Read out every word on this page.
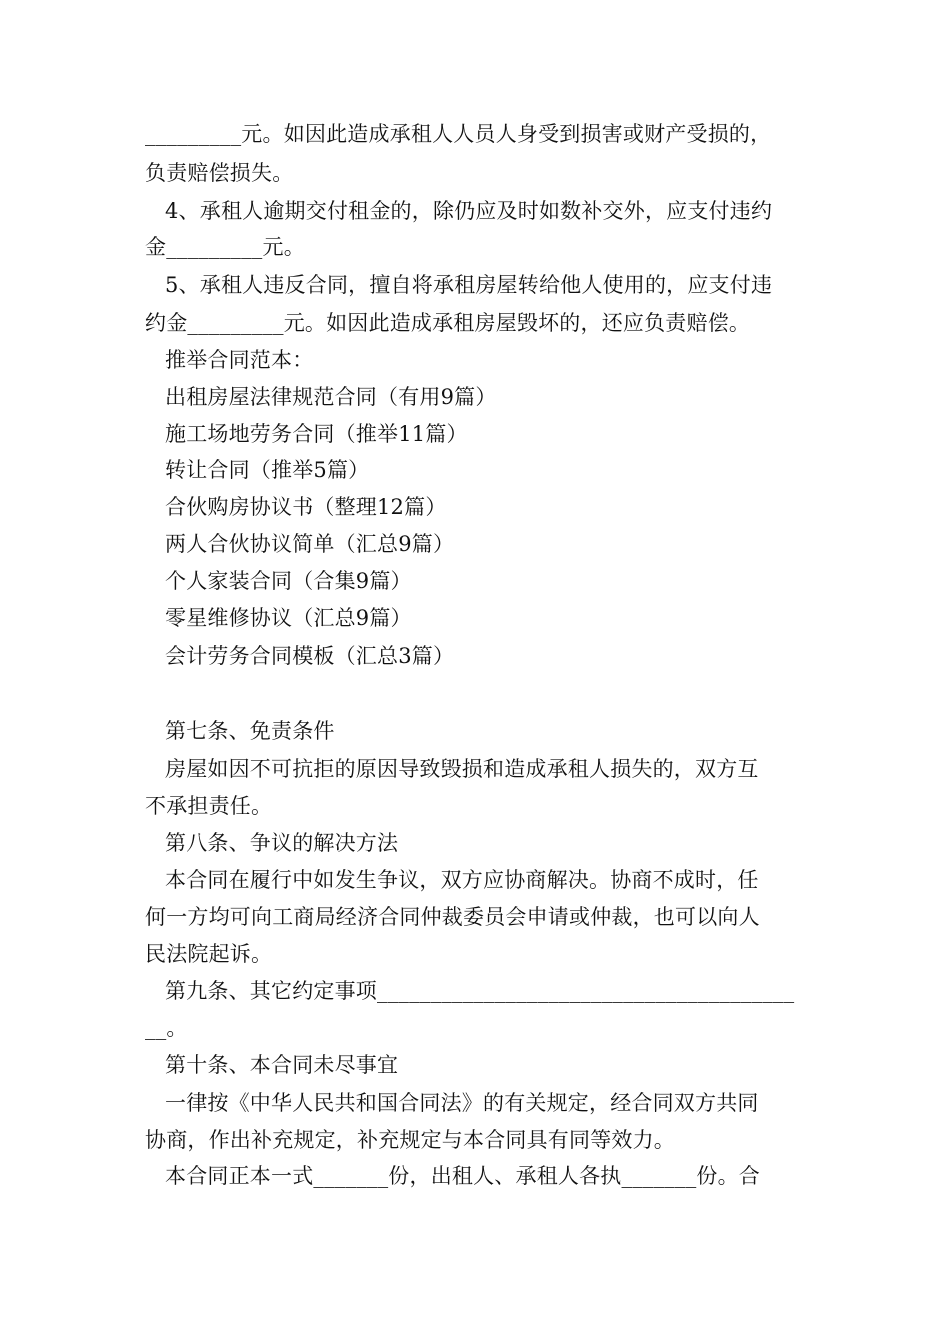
_________元。如因此造成承租人人员人身受到损害或财产受损的，
负责赔偿损失。
4、承租人逾期交付租金的，除仍应及时如数补交外，应支付违约
金_________元。
5、承租人违反合同，擅自将承租房屋转给他人使用的，应支付违
约金_________元。如因此造成承租房屋毁坏的，还应负责赔偿。
推举合同范本：
出租房屋法律规范合同（有用9篇）
施工场地劳务合同（推举11篇）
转让合同（推举5篇）
合伙购房协议书（整理12篇）
两人合伙协议简单（汇总9篇）
个人家装合同（合集9篇）
零星维修协议（汇总9篇）
会计劳务合同模板（汇总3篇）
第七条、免责条件
房屋如因不可抗拒的原因导致毁损和造成承租人损失的，双方互
不承担责任。
第八条、争议的解决方法
本合同在履行中如发生争议，双方应协商解决。协商不成时，任
何一方均可向工商局经济合同仲裁委员会申请或仲裁，也可以向人
民法院起诉。
第九条、其它约定事项_______________________________________
__。
第十条、本合同未尽事宜
一律按《中华人民共和国合同法》的有关规定，经合同双方共同
协商，作出补充规定，补充规定与本合同具有同等效力。
本合同正本一式_______份，出租人、承租人各执_______份。合
